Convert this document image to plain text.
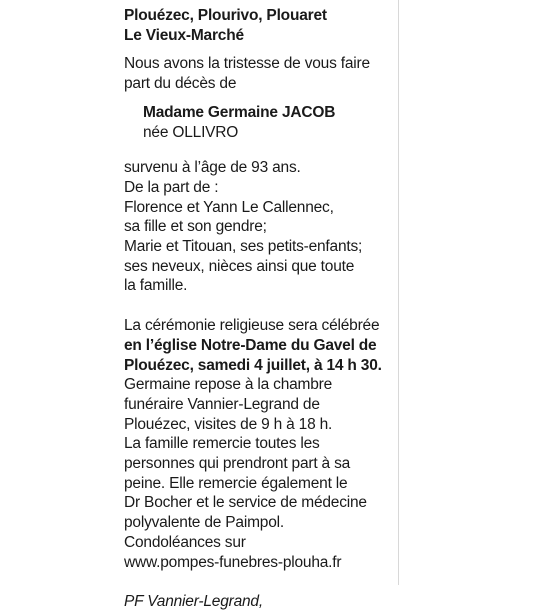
Plouézec, Plourivo, Plouaret
Le Vieux-Marché
Nous avons la tristesse de vous faire
part du décès de
Madame Germaine JACOB
née OLLIVRO
survenu à l’âge de 93 ans.
De la part de :
Florence et Yann Le Callennec,
sa fille et son gendre;
Marie et Titouan, ses petits-enfants;
ses neveux, nièces ainsi que toute
la famille.
La cérémonie religieuse sera célébrée
en l’église Notre-Dame du Gavel de
Plouézec, samedi 4 juillet, à 14 h 30.
Germaine repose à la chambre
funéraire Vannier-Legrand de
Plouézec, visites de 9 h à 18 h.
La famille remercie toutes les
personnes qui prendront part à sa
peine. Elle remercie également le
Dr Bocher et le service de médecine
polyvalente de Paimpol.
Condoléances sur
www.pompes-funebres-plouha.fr
PF Vannier-Legrand,
